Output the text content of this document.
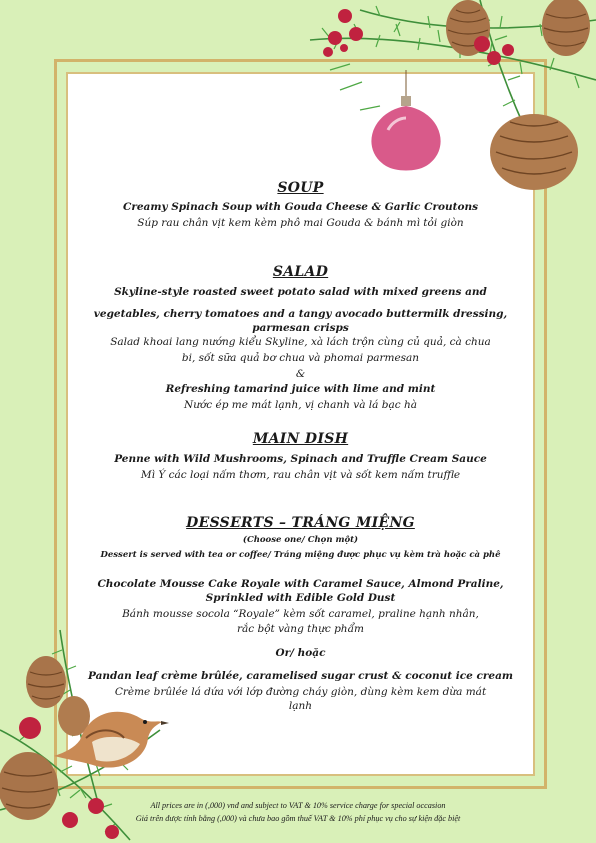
SOUP
Creamy Spinach Soup with Gouda Cheese & Garlic Croutons
Súp rau chân vịt kem kèm phô mai Gouda & bánh mì tỏi giòn
SALAD
Skyline-style roasted sweet potato salad with mixed greens and
vegetables, cherry tomatoes and a tangy avocado buttermilk dressing,
parmesan crisps
Salad khoai lang nướng kiểu Skyline, xà lách trộn cùng củ quả, cà chua
bi, sốt sữa quả bơ chua và phomai parmesan
&
Refreshing tamarind juice with lime and mint
Nước ép me mát lạnh, vị chanh và lá bạc hà
MAIN DISH
Penne with Wild Mushrooms, Spinach and Truffle Cream Sauce
Mì Ý các loại nấm thơm, rau chân vịt và sốt kem nấm truffle
DESSERTS – TRÁNG MIỆNG
(Choose one/ Chọn một)
Dessert is served with tea or coffee/ Tráng miệng được phục vụ kèm trà hoặc cà phê
Chocolate Mousse Cake Royale with Caramel Sauce, Almond Praline,
Sprinkled with Edible Gold Dust
Bánh mousse socola “Royale” kèm sốt caramel, praline hạnh nhân,
rắc bột vàng thực phẩm
Or/ hoặc
Pandan leaf crème brûlée, caramelised sugar crust & coconut ice cream
Crème brûlée lá dứa với lớp đường cháy giòn, dùng kèm kem dừa mát
lạnh
All prices are in (,000) vnđ and subject to VAT & 10% service charge for special occasion
Giá trên được tính bằng (,000) và chưa bao gồm thuế VAT & 10% phí phục vụ cho sự kiện đặc biệt
